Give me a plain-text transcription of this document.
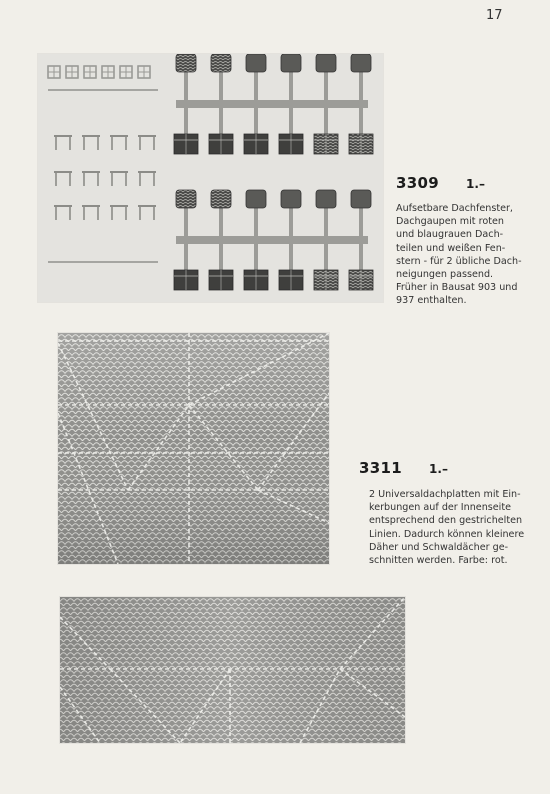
17
3309 1.–
Aufsetbare Dachfenster,
Dachgaupen mit roten
und blaugrauen Dach-
teilen und weißen Fen-
stern - für 2 übliche Dach-
neigungen passend.
Früher in Bausat 903 und
937 enthalten.
3311 1.–
2 Universaldachplatten mit Ein-
kerbungen auf der Innenseite
entsprechend den gestrichelten
Linien. Dadurch können kleinere
Däher und Schwaldächer ge-
schnitten werden. Farbe: rot.
